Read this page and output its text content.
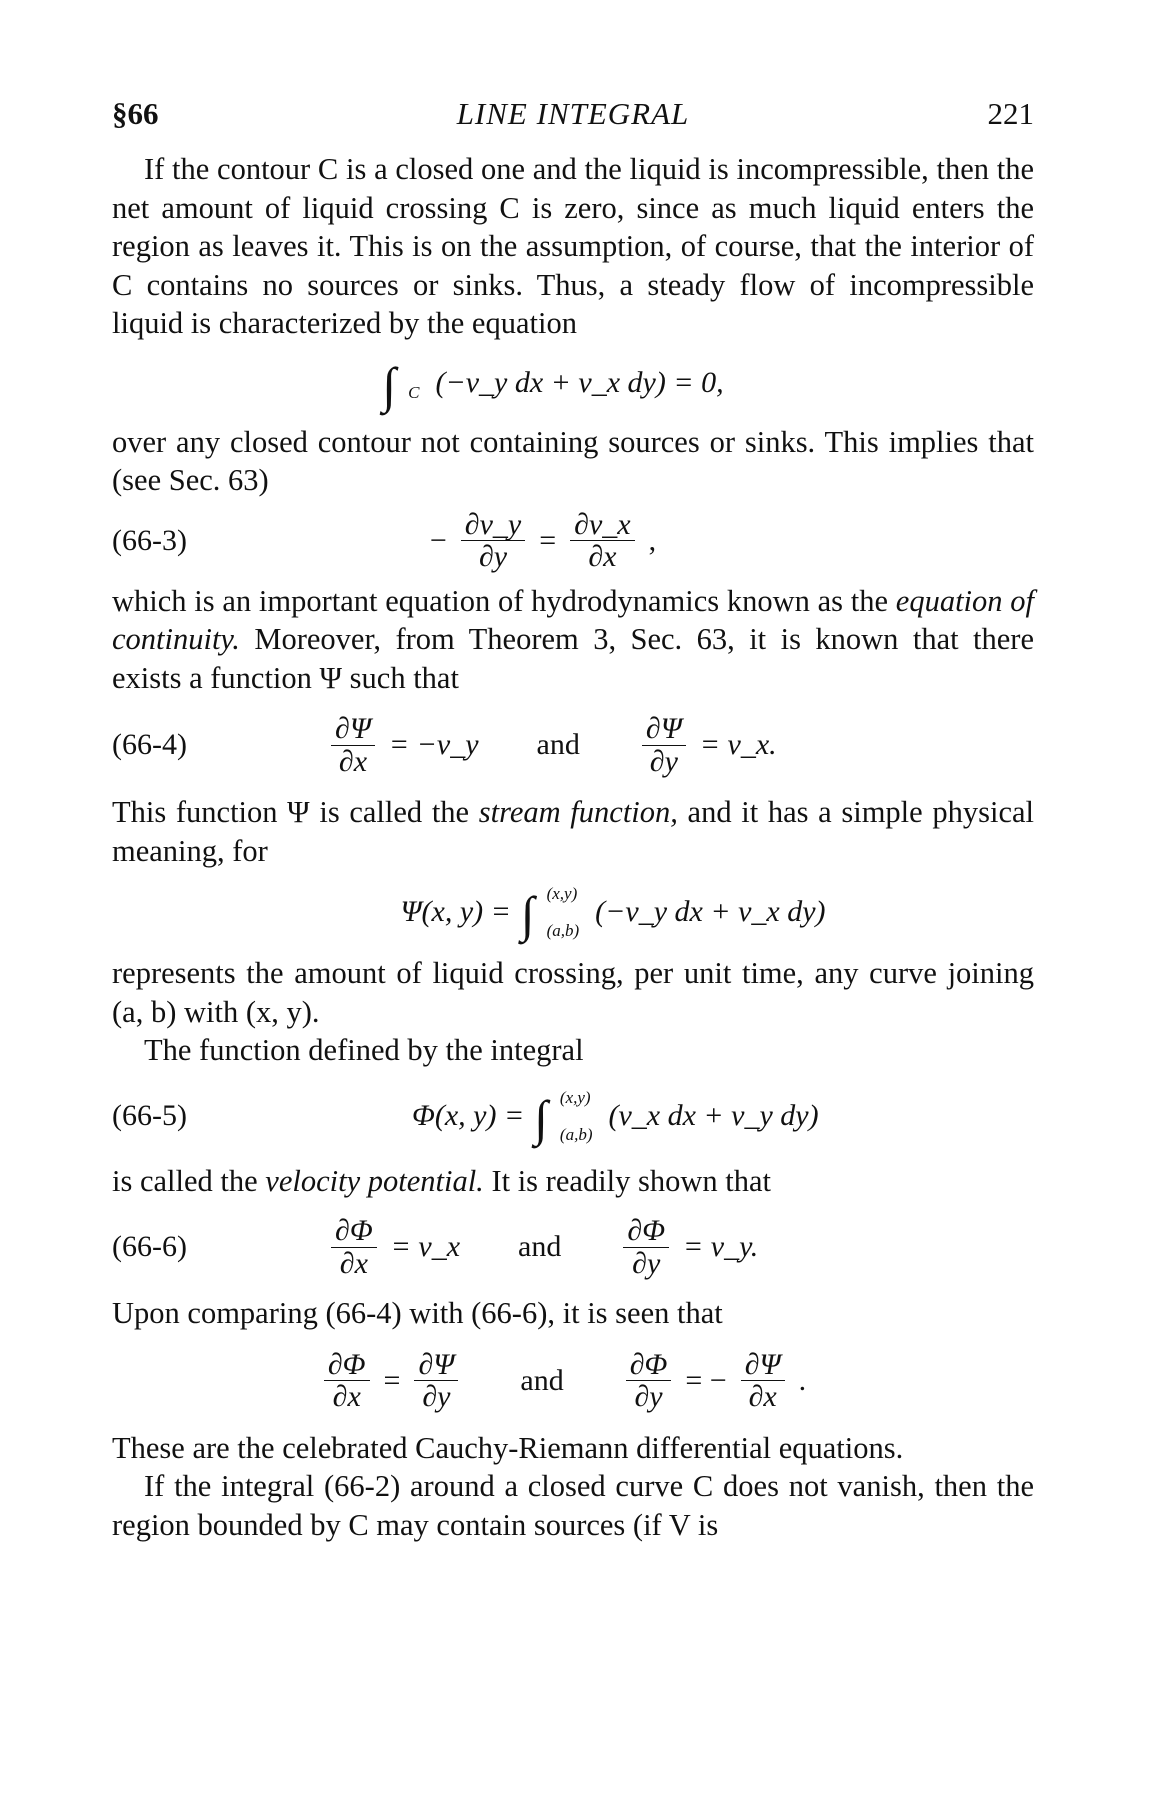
§66	LINE INTEGRAL	221

If the contour C is a closed one and the liquid is incompressible, then the net amount of liquid crossing C is zero, since as much liquid enters the region as leaves it. This is on the assumption, of course, that the interior of C contains no sources or sinks. Thus, a steady flow of incompressible liquid is characterized by the equation

∫ C (−v_y dx + v_x dy) = 0,

over any closed contour not containing sources or sinks. This implies that (see Sec. 63)

(66-3)	− $\frac{\partial v\_y}{\partial y} = \frac{\partial v\_x}{\partial x}$ ,

which is an important equation of hydrodynamics known as the equation of continuity. Moreover, from Theorem 3, Sec. 63, it is known that there exists a function Ψ such that

(66-4)	$\frac{\partial\Psi}{\partial x}$ = −v_y and $\frac{\partial\Psi}{\partial y}$ = v_x.

This function Ψ is called the stream function, and it has a simple physical meaning, for

Ψ(x, y) = ∫ (x,y)
(a,b)
(−v_y dx + v_x dy)

represents the amount of liquid crossing, per unit time, any curve joining (a, b) with (x, y).

The function defined by the integral

(66-5)	Φ(x, y) = ∫ (x,y)
(a,b)
(v_x dx + v_y dy)

is called the velocity potential. It is readily shown that

(66-6)	$\frac{\partial\Phi}{\partial x}$ = v_x and $\frac{\partial\Phi}{\partial y}$ = v_y.

Upon comparing (66-4) with (66-6), it is seen that

$\frac{\partial\Phi}{\partial x} = \frac{\partial\Psi}{\partial y}$ and $\frac{\partial\Phi}{\partial y}$ = − $\frac{\partial\Psi}{\partial x}$ .

These are the celebrated Cauchy-Riemann differential equations.

If the integral (66-2) around a closed curve C does not vanish, then the region bounded by C may contain sources (if V is
